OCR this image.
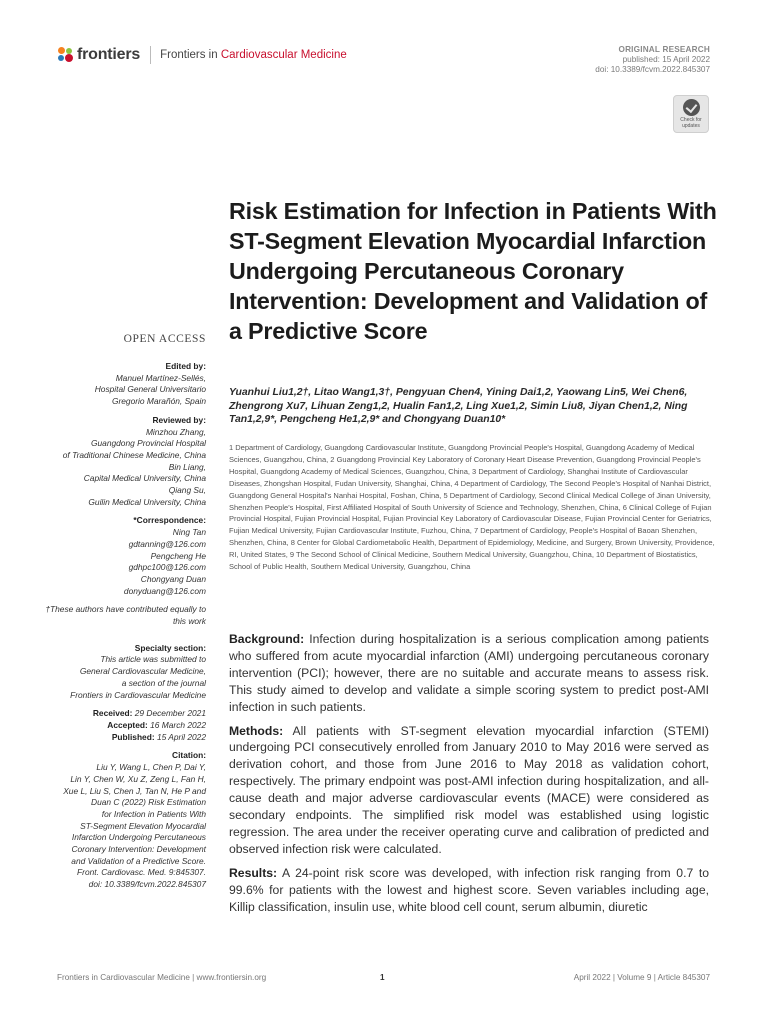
frontiers Frontiers in Cardiovascular Medicine	ORIGINAL RESEARCH
published: 15 April 2022
doi: 10.3389/fcvm.2022.845307
Check for updates
Risk Estimation for Infection in Patients With ST-Segment Elevation Myocardial Infarction Undergoing Percutaneous Coronary Intervention: Development and Validation of a Predictive Score
OPEN ACCESS
Edited by:
Manuel Martínez-Sellés,
Hospital General Universitario
Gregorio Marañón, Spain
Reviewed by:
Minzhou Zhang,
Guangdong Provincial Hospital
of Traditional Chinese Medicine, China
Bin Liang,
Capital Medical University, China
Qiang Su,
Guilin Medical University, China
*Correspondence:
Ning Tan
gdtanning@126.com
Pengcheng He
gdhpc100@126.com
Chongyang Duan
donyduang@126.com
†These authors have contributed equally to this work
Specialty section:
This article was submitted to
General Cardiovascular Medicine,
a section of the journal
Frontiers in Cardiovascular Medicine
Received: 29 December 2021
Accepted: 16 March 2022
Published: 15 April 2022
Citation:
Liu Y, Wang L, Chen P, Dai Y,
Lin Y, Chen W, Xu Z, Zeng L, Fan H,
Xue L, Liu S, Chen J, Tan N, He P and
Duan C (2022) Risk Estimation
for Infection in Patients With
ST-Segment Elevation Myocardial
Infarction Undergoing Percutaneous
Coronary Intervention: Development
and Validation of a Predictive Score.
Front. Cardiovasc. Med. 9:845307.
doi: 10.3389/fcvm.2022.845307
Yuanhui Liu1,2†, Litao Wang1,3†, Pengyuan Chen4, Yining Dai1,2, Yaowang Lin5, Wei Chen6, Zhengrong Xu7, Lihuan Zeng1,2, Hualin Fan1,2, Ling Xue1,2, Simin Liu8, Jiyan Chen1,2, Ning Tan1,2,9*, Pengcheng He1,2,9* and Chongyang Duan10*
1 Department of Cardiology, Guangdong Cardiovascular Institute, Guangdong Provincial People's Hospital, Guangdong Academy of Medical Sciences, Guangzhou, China, 2 Guangdong Provincial Key Laboratory of Coronary Heart Disease Prevention, Guangdong Provincial People's Hospital, Guangdong Academy of Medical Sciences, Guangzhou, China, 3 Department of Cardiology, Shanghai Institute of Cardiovascular Diseases, Zhongshan Hospital, Fudan University, Shanghai, China, 4 Department of Cardiology, The Second People's Hospital of Nanhai District, Guangdong General Hospital's Nanhai Hospital, Foshan, China, 5 Department of Cardiology, Second Clinical Medical College of Jinan University, Shenzhen People's Hospital, First Affiliated Hospital of South University of Science and Technology, Shenzhen, China, 6 Clinical College of Fujian Provincial Hospital, Fujian Provincial Hospital, Fujian Provincial Key Laboratory of Cardiovascular Disease, Fujian Provincial Center for Geriatrics, Fujian Medical University, Fujian Cardiovascular Institute, Fuzhou, China, 7 Department of Cardiology, People's Hospital of Baoan Shenzhen, Shenzhen, China, 8 Center for Global Cardiometabolic Health, Department of Epidemiology, Medicine, and Surgery, Brown University, Providence, RI, United States, 9 The Second School of Clinical Medicine, Southern Medical University, Guangzhou, China, 10 Department of Biostatistics, School of Public Health, Southern Medical University, Guangzhou, China

Background: Infection during hospitalization is a serious complication among patients who suffered from acute myocardial infarction (AMI) undergoing percutaneous coronary intervention (PCI); however, there are no suitable and accurate means to assess risk. This study aimed to develop and validate a simple scoring system to predict post-AMI infection in such patients.

Methods: All patients with ST-segment elevation myocardial infarction (STEMI) undergoing PCI consecutively enrolled from January 2010 to May 2016 were served as derivation cohort, and those from June 2016 to May 2018 as validation cohort, respectively. The primary endpoint was post-AMI infection during hospitalization, and all-cause death and major adverse cardiovascular events (MACE) were considered as secondary endpoints. The simplified risk model was established using logistic regression. The area under the receiver operating curve and calibration of predicted and observed infection risk were calculated.

Results: A 24-point risk score was developed, with infection risk ranging from 0.7 to 99.6% for patients with the lowest and highest score. Seven variables including age, Killip classification, insulin use, white blood cell count, serum albumin, diuretic

Frontiers in Cardiovascular Medicine | www.frontiersin.org	1	April 2022 | Volume 9 | Article 845307
